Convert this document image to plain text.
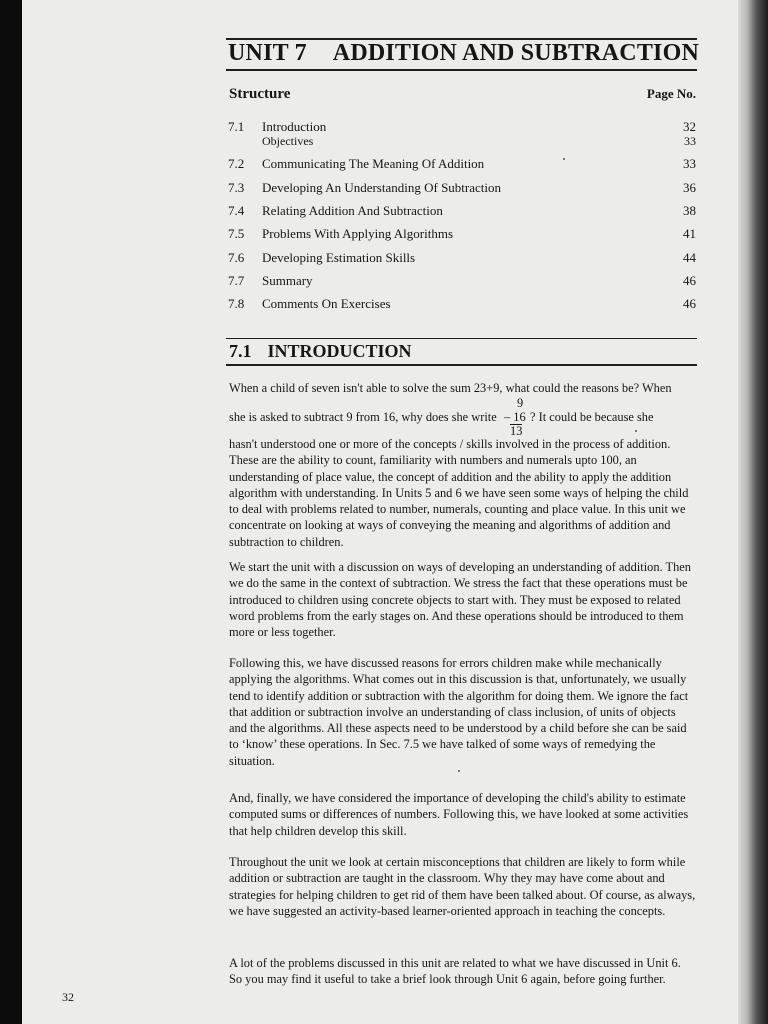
UNIT 7 ADDITION AND SUBTRACTION
Structure	Page No.
7.1 Introduction	32
Objectives	33
7.2 Communicating The Meaning Of Addition	33
7.3 Developing An Understanding Of Subtraction	36
7.4 Relating Addition And Subtraction	38
7.5 Problems With Applying Algorithms	41
7.6 Developing Estimation Skills	44
7.7 Summary	46
7.8 Comments On Exercises	46
7.1 INTRODUCTION
When a child of seven isn't able to solve the sum 23+9, what could the reasons be? When
9
she is asked to subtract 9 from 16, why does she write – 16
13
? It could be because she

hasn't understood one or more of the concepts / skills involved in the process of addition. These are the ability to count, familiarity with numbers and numerals upto 100, an understanding of place value, the concept of addition and the ability to apply the addition algorithm with understanding. In Units 5 and 6 we have seen some ways of helping the child to deal with problems related to number, numerals, counting and place value. In this unit we concentrate on looking at ways of conveying the meaning and algorithms of addition and subtraction to children.

We start the unit with a discussion on ways of developing an understanding of addition. Then we do the same in the context of subtraction. We stress the fact that these operations must be introduced to children using concrete objects to start with. They must be exposed to related word problems from the early stages on. And these operations should be introduced to them more or less together.

Following this, we have discussed reasons for errors children make while mechanically applying the algorithms. What comes out in this discussion is that, unfortunately, we usually tend to identify addition or subtraction with the algorithm for doing them. We ignore the fact that addition or subtraction involve an understanding of class inclusion, of units of objects and the algorithms. All these aspects need to be understood by a child before she can be said to ‘know’ these operations. In Sec. 7.5 we have talked of some ways of remedying the situation.

And, finally, we have considered the importance of developing the child's ability to estimate computed sums or differences of numbers. Following this, we have looked at some activities that help children develop this skill.

Throughout the unit we look at certain misconceptions that children are likely to form while addition or subtraction are taught in the classroom. Why they may have come about and strategies for helping children to get rid of them have been talked about. Of course, as always, we have suggested an activity-based learner-oriented approach in teaching the concepts.

A lot of the problems discussed in this unit are related to what we have discussed in Unit 6. So you may find it useful to take a brief look through Unit 6 again, before going further.

32
